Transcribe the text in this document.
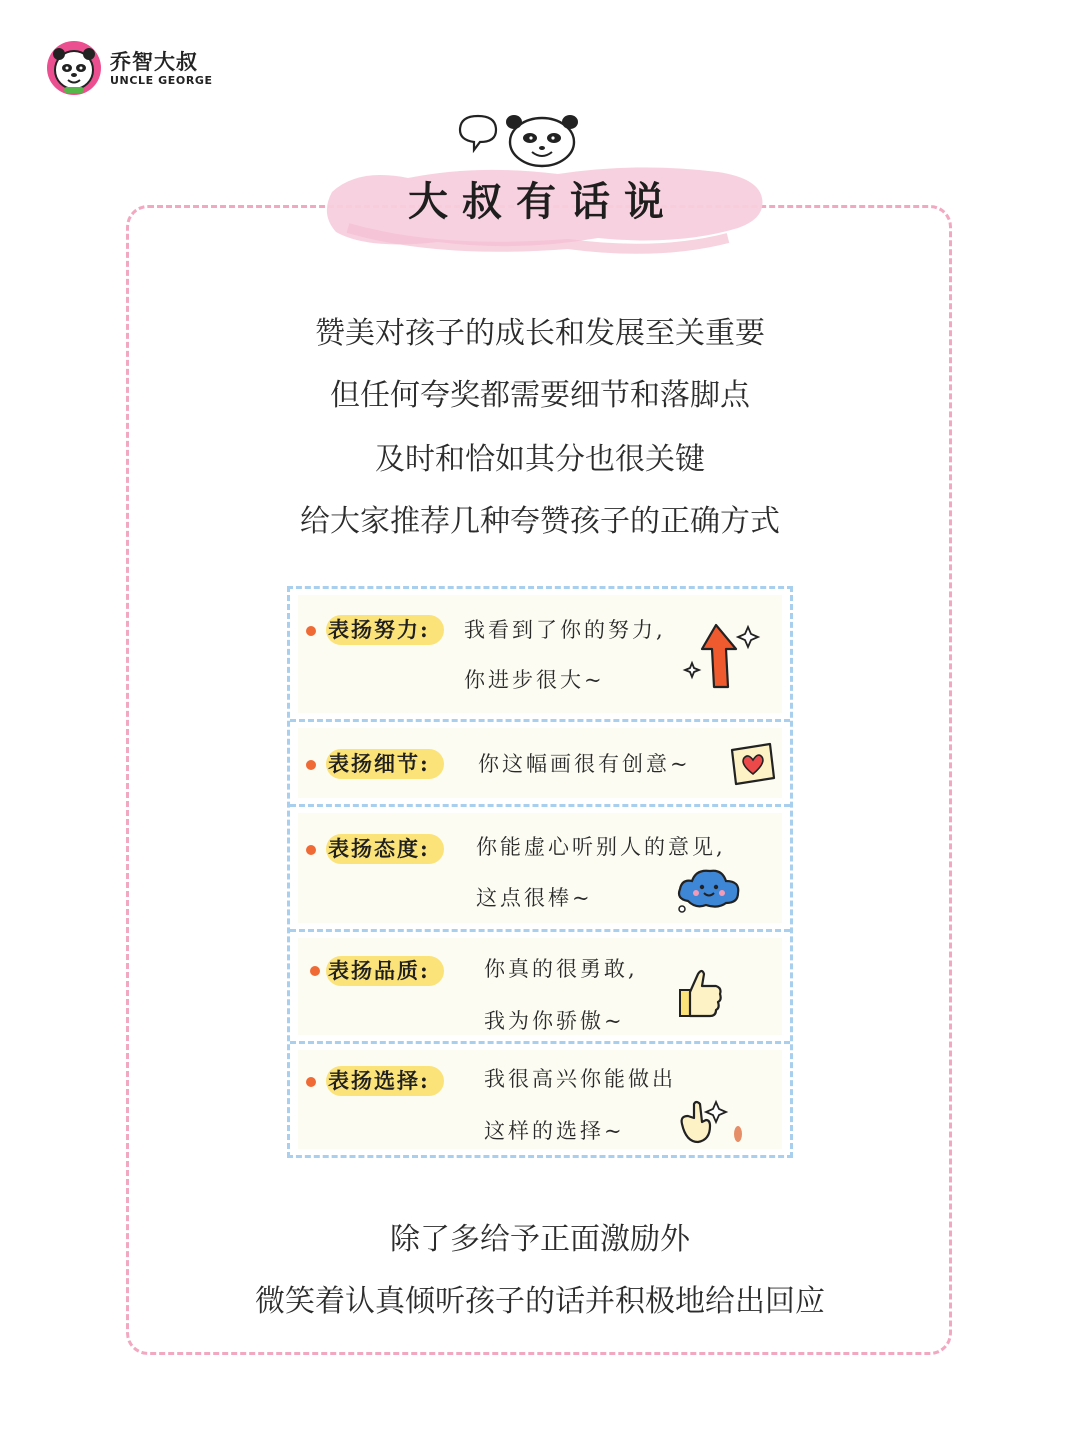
乔智大叔
UNCLE GEORGE
大叔有话说
赞美对孩子的成长和发展至关重要
但任何夸奖都需要细节和落脚点
及时和恰如其分也很关键
给大家推荐几种夸赞孩子的正确方式
表扬努力: 我看到了你的努力,
你进步很大~
表扬细节: 你这幅画很有创意~
表扬态度: 你能虚心听别人的意见,
这点很棒~
表扬品质:	你真的很勇敢,
我为你骄傲~
表扬选择:	我很高兴你能做出
这样的选择~
除了多给予正面激励外
微笑着认真倾听孩子的话并积极地给出回应
